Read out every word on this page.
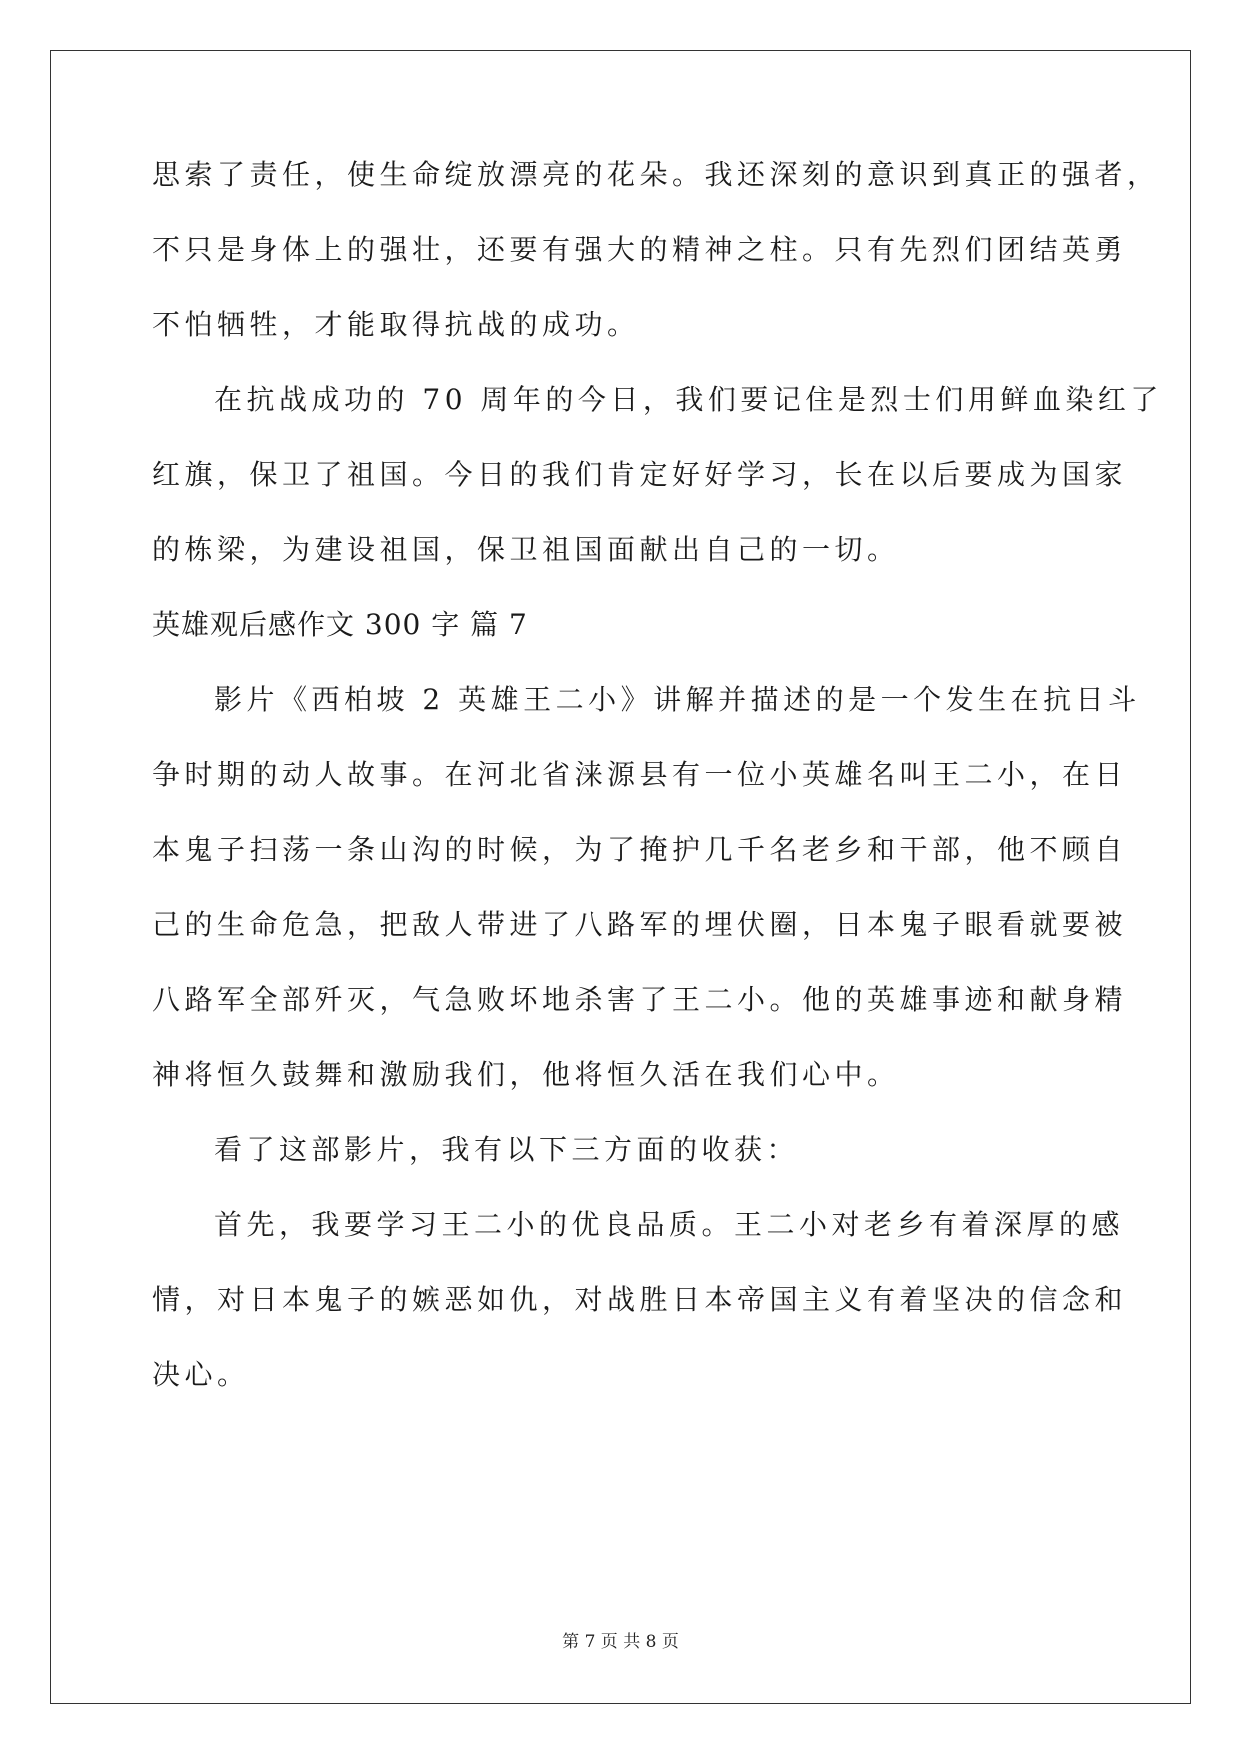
思索了责任，使生命绽放漂亮的花朵。我还深刻的意识到真正的强者，
不只是身体上的强壮，还要有强大的精神之柱。只有先烈们团结英勇
不怕牺牲，才能取得抗战的成功。
在抗战成功的 70 周年的今日，我们要记住是烈士们用鲜血染红了
红旗，保卫了祖国。今日的我们肯定好好学习，长在以后要成为国家
的栋梁，为建设祖国，保卫祖国面献出自己的一切。
英雄观后感作文 300 字 篇 7
影片《西柏坡 2 英雄王二小》讲解并描述的是一个发生在抗日斗
争时期的动人故事。在河北省涞源县有一位小英雄名叫王二小，在日
本鬼子扫荡一条山沟的时候，为了掩护几千名老乡和干部，他不顾自
己的生命危急，把敌人带进了八路军的埋伏圈，日本鬼子眼看就要被
八路军全部歼灭，气急败坏地杀害了王二小。他的英雄事迹和献身精
神将恒久鼓舞和激励我们，他将恒久活在我们心中。
看了这部影片，我有以下三方面的收获：
首先，我要学习王二小的优良品质。王二小对老乡有着深厚的感
情，对日本鬼子的嫉恶如仇，对战胜日本帝国主义有着坚决的信念和
决心。
第 7 页 共 8 页
